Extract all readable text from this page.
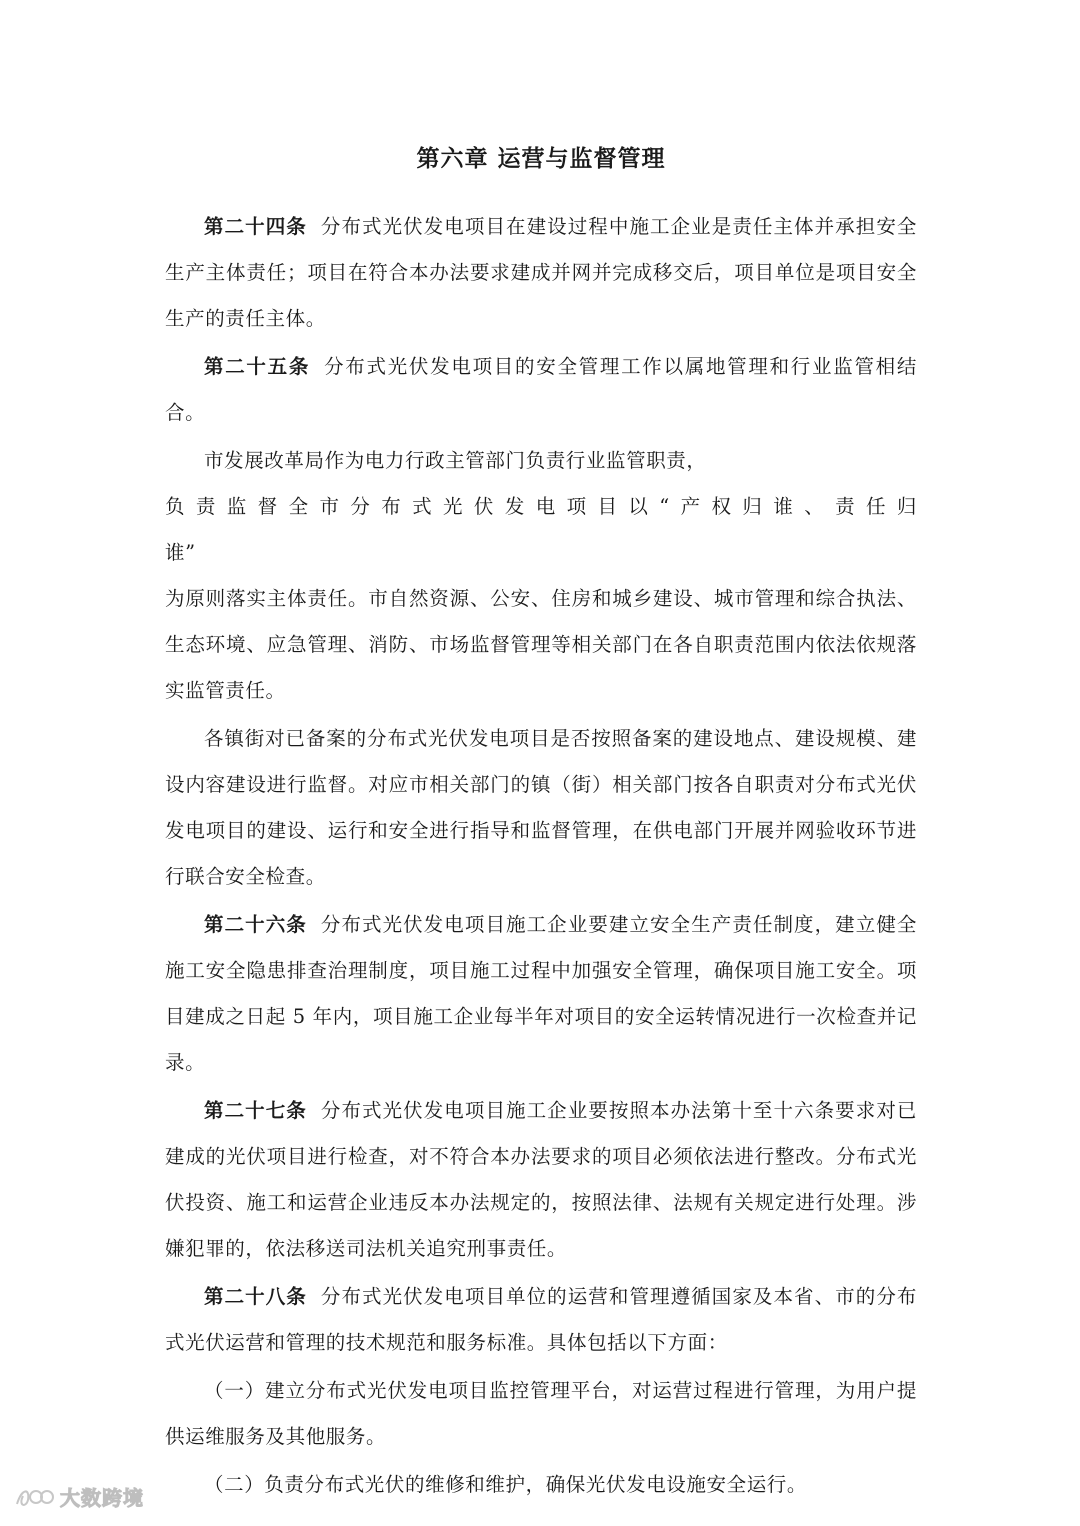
第六章 运营与监督管理

第二十四条 分布式光伏发电项目在建设过程中施工企业是责任主体并承担安全生产主体责任；项目在符合本办法要求建成并网并完成移交后，项目单位是项目安全生产的责任主体。

第二十五条 分布式光伏发电项目的安全管理工作以属地管理和行业监管相结合。

市发展改革局作为电力行政主管部门负责行业监管职责，

负责监督全市分布式光伏发电项目以“产权归谁、责任归

谁”

为原则落实主体责任。市自然资源、公安、住房和城乡建设、城市管理和综合执法、生态环境、应急管理、消防、市场监督管理等相关部门在各自职责范围内依法依规落实监管责任。

各镇街对已备案的分布式光伏发电项目是否按照备案的建设地点、建设规模、建设内容建设进行监督。对应市相关部门的镇（街）相关部门按各自职责对分布式光伏发电项目的建设、运行和安全进行指导和监督管理，在供电部门开展并网验收环节进行联合安全检查。

第二十六条 分布式光伏发电项目施工企业要建立安全生产责任制度，建立健全施工安全隐患排查治理制度，项目施工过程中加强安全管理，确保项目施工安全。项目建成之日起 5 年内，项目施工企业每半年对项目的安全运转情况进行一次检查并记录。

第二十七条 分布式光伏发电项目施工企业要按照本办法第十至十六条要求对已建成的光伏项目进行检查，对不符合本办法要求的项目必须依法进行整改。分布式光伏投资、施工和运营企业违反本办法规定的，按照法律、法规有关规定进行处理。涉嫌犯罪的，依法移送司法机关追究刑事责任。

第二十八条 分布式光伏发电项目单位的运营和管理遵循国家及本省、市的分布式光伏运营和管理的技术规范和服务标准。具体包括以下方面：

（一）建立分布式光伏发电项目监控管理平台，对运营过程进行管理，为用户提供运维服务及其他服务。

（二）负责分布式光伏的维修和维护，确保光伏发电设施安全运行。

大数跨境
